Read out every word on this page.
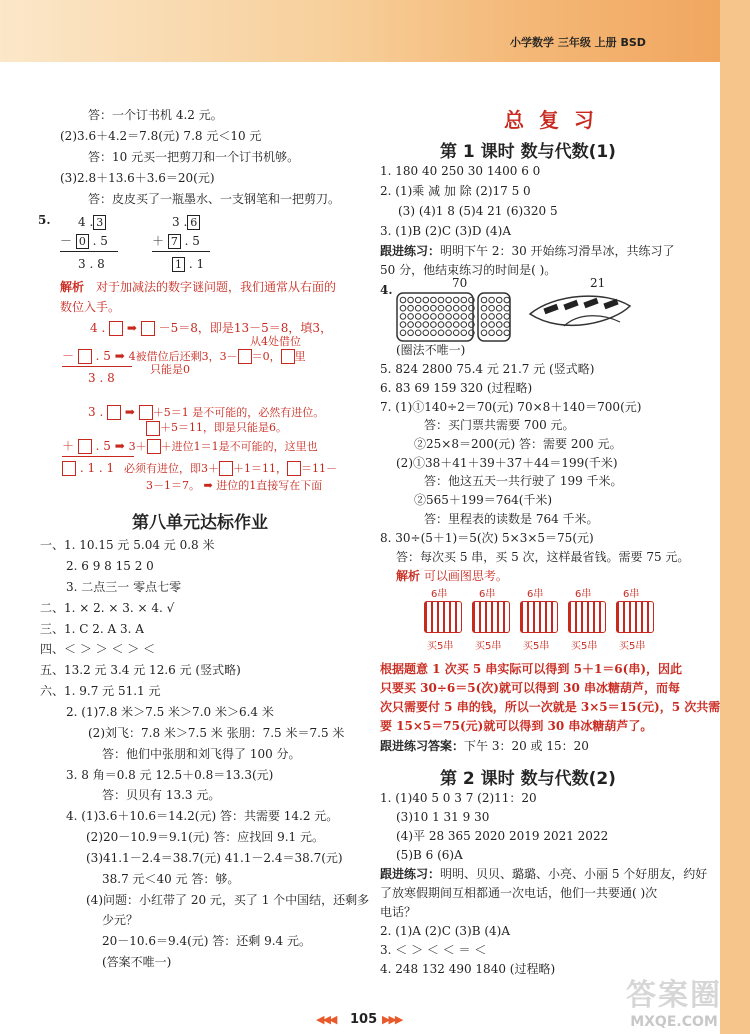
小学数学 三年级 上册 BSD
答：一个订书机 4.2 元。
(2)3.6＋4.2＝7.8(元) 7.8 元＜10 元
答：10 元买一把剪刀和一个订书机够。
(3)2.8＋13.6＋3.6＝20(元)
答：皮皮买了一瓶墨水、一支钢笔和一把剪刀。
5. 4 . 3
－ 0 . 5
3 . 8
3 . 6
＋ 7 . 5
1 . 1
解析 对于加减法的数字谜问题，我们通常从右面的
数位入手。
4 .  ➡ －5＝8，即是13－5＝8，填3，
从4处借位
－  . 5 ➡ 4被借位后还剩3，3－ ＝0， 里
只能是0
3 . 8
3 .  ➡ ＋5＝1 是不可能的，必然有进位。
＋5＝11，即是只能是6。
＋  . 5 ➡ 3＋ ＋进位1＝1是不可能的，这里也
. 1 . 1 必须有进位，即3＋ ＋1＝11， ＝11－
3－1＝7。 ➡ 进位的1直接写在下面
第八单元达标作业
一、1. 10.15 元 5.04 元 0.8 米
2. 6 9 8 15 2 0
3. 二点三一 零点七零
二、1. × 2. × 3. × 4. √
三、1. C 2. A 3. A
四、＜ ＞ ＞ ＜ ＞ ＜
五、13.2 元 3.4 元 12.6 元 (竖式略)
六、1. 9.7 元 51.1 元
2. (1)7.8 米＞7.5 米＞7.0 米＞6.4 米
(2)刘飞：7.8 米＞7.5 米 张朋：7.5 米＝7.5 米
答：他们中张朋和刘飞得了 100 分。
3. 8 角＝0.8 元 12.5＋0.8＝13.3(元)
答：贝贝有 13.3 元。
4. (1)3.6＋10.6＝14.2(元) 答：共需要 14.2 元。
(2)20－10.9＝9.1(元) 答：应找回 9.1 元。
(3)41.1－2.4＝38.7(元) 41.1－2.4＝38.7(元)
38.7 元＜40 元 答：够。
(4)问题：小红带了 20 元，买了 1 个中国结，还剩多
少元？
20－10.6＝9.4(元) 答：还剩 9.4 元。
(答案不唯一)
总 复 习
第 1 课时 数与代数(1)
1. 180 40 250 30 1400 6 0
2. (1)乘 减 加 除 (2)17 5 0
(3) (4)1 8 (5)4 21 (6)320 5
3. (1)B (2)C (3)D (4)A
跟进练习：明明下午 2：30 开始练习滑旱冰，共练习了
50 分，他结束练习的时间是( )。
4.	70	21
(圈法不唯一)
5. 824 2800 75.4 元 21.7 元 (竖式略)
6. 83 69 159 320 (过程略)
7. (1)①140÷2＝70(元) 70×8＋140＝700(元)
答：买门票共需要 700 元。
②25×8＝200(元) 答：需要 200 元。
(2)①38＋41＋39＋37＋44＝199(千米)
答：他这五天一共行驶了 199 千米。
②565＋199＝764(千米)
答：里程表的读数是 764 千米。
8. 30÷(5＋1)＝5(次) 5×3×5＝75(元)
答：每次买 5 串，买 5 次，这样最省钱。需要 75 元。
解析 可以画图思考。
6串
买5串
6串
买5串
6串
买5串
6串
买5串
6串
买5串
根据题意 1 次买 5 串实际可以得到 5＋1＝6(串)，因此
只要买 30÷6＝5(次)就可以得到 30 串冰糖葫芦，而每
次只需要付 5 串的钱，所以一次就是 3×5＝15(元)，5 次共需
要 15×5＝75(元)就可以得到 30 串冰糖葫芦了。
跟进练习答案：下午 3：20 或 15：20
第 2 课时 数与代数(2)
1. (1)40 5 0 3 7 (2)11：20
(3)10 1 31 9 30
(4)平 28 365 2020 2019 2021 2022
(5)B 6 (6)A
跟进练习：明明、贝贝、璐璐、小亮、小丽 5 个好朋友，约好
了放寒假期间互相都通一次电话，他们一共要通( )次
电话？
2. (1)A (2)C (3)B (4)A
3. ＜ ＞ ＜ ＜ ＝ ＜
4. 248 132 490 1840 (过程略)
◀◀◀ 105 ▶▶▶
答案圈
MXQE.COM
